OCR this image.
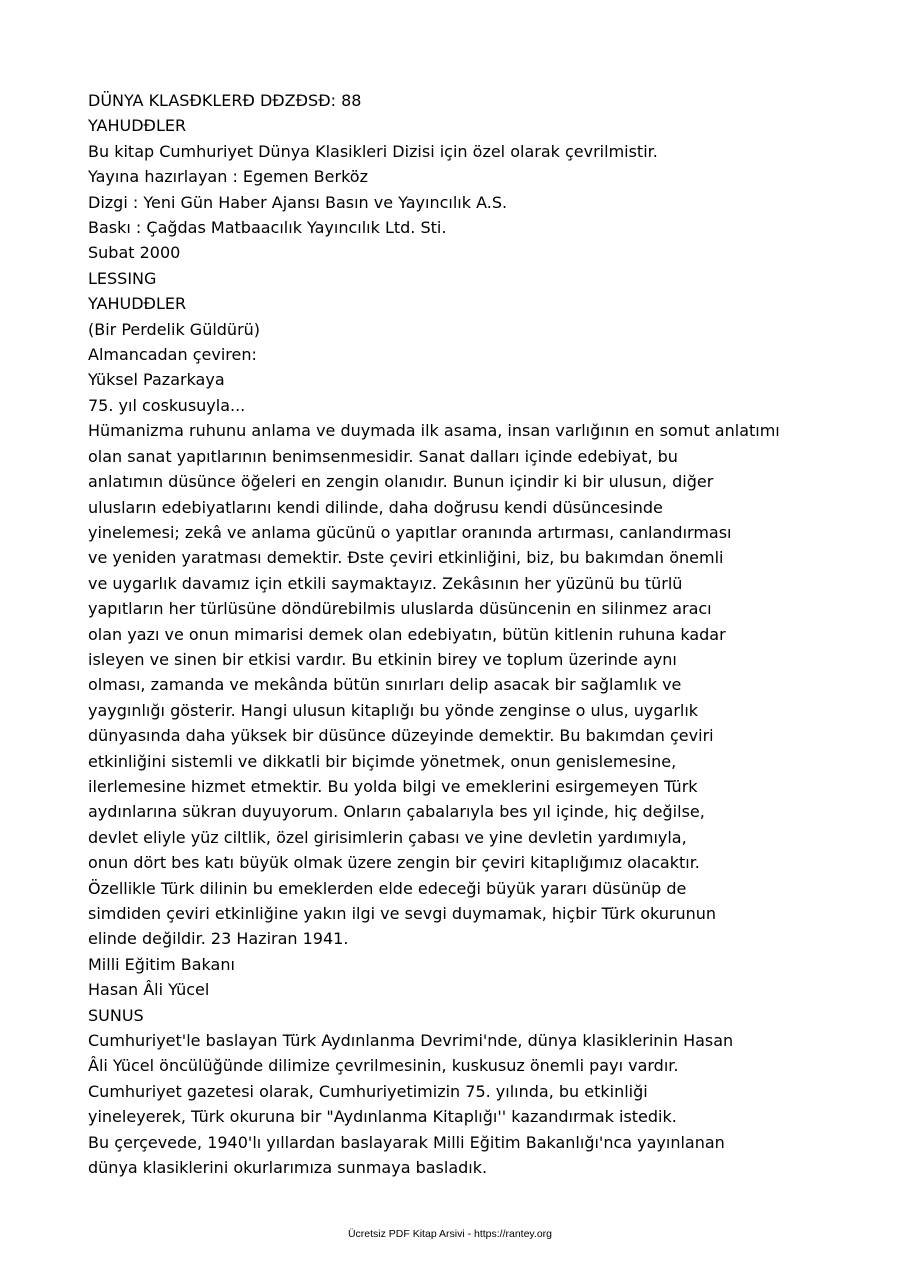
DÜNYA KLASÐKLERÐ DÐZÐSÐ: 88

YAHUDÐLER

Bu kitap Cumhuriyet Dünya Klasikleri Dizisi için özel olarak çevrilmistir.

Yayına hazırlayan : Egemen Berköz

Dizgi : Yeni Gün Haber Ajansı Basın ve Yayıncılık A.S.

Baskı : Çağdas Matbaacılık Yayıncılık Ltd. Sti.

Subat 2000

LESSING

YAHUDÐLER

(Bir Perdelik Güldürü)

Almancadan çeviren:

Yüksel Pazarkaya

75. yıl coskusuyla...

Hümanizma ruhunu anlama ve duymada ilk asama, insan varlığının en somut anlatımı

olan sanat yapıtlarının benimsenmesidir. Sanat dalları içinde edebiyat, bu

anlatımın düsünce öğeleri en zengin olanıdır. Bunun içindir ki bir ulusun, diğer

ulusların edebiyatlarını kendi dilinde, daha doğrusu kendi düsüncesinde

yinelemesi; zekâ ve anlama gücünü o yapıtlar oranında artırması, canlandırması

ve yeniden yaratması demektir. Ðste çeviri etkinliğini, biz, bu bakımdan önemli

ve uygarlık davamız için etkili saymaktayız. Zekâsının her yüzünü bu türlü

yapıtların her türlüsüne döndürebilmis uluslarda düsüncenin en silinmez aracı

olan yazı ve onun mimarisi demek olan edebiyatın, bütün kitlenin ruhuna kadar

isleyen ve sinen bir etkisi vardır. Bu etkinin birey ve toplum üzerinde aynı

olması, zamanda ve mekânda bütün sınırları delip asacak bir sağlamlık ve

yaygınlığı gösterir. Hangi ulusun kitaplığı bu yönde zenginse o ulus, uygarlık

dünyasında daha yüksek bir düsünce düzeyinde demektir. Bu bakımdan çeviri

etkinliğini sistemli ve dikkatli bir biçimde yönetmek, onun genislemesine,

ilerlemesine hizmet etmektir. Bu yolda bilgi ve emeklerini esirgemeyen Türk

aydınlarına sükran duyuyorum. Onların çabalarıyla bes yıl içinde, hiç değilse,

devlet eliyle yüz ciltlik, özel girisimlerin çabası ve yine devletin yardımıyla,

onun dört bes katı büyük olmak üzere zengin bir çeviri kitaplığımız olacaktır.

Özellikle Türk dilinin bu emeklerden elde edeceği büyük yararı düsünüp de

simdiden çeviri etkinliğine yakın ilgi ve sevgi duymamak, hiçbir Türk okurunun

elinde değildir. 23 Haziran 1941.

Milli Eğitim Bakanı

Hasan Âli Yücel

SUNUS

Cumhuriyet'le baslayan Türk Aydınlanma Devrimi'nde, dünya klasiklerinin Hasan

Âli Yücel öncülüğünde dilimize çevrilmesinin, kuskusuz önemli payı vardır.

Cumhuriyet gazetesi olarak, Cumhuriyetimizin 75. yılında, bu etkinliği

yineleyerek, Türk okuruna bir "Aydınlanma Kitaplığı'' kazandırmak istedik.

Bu çerçevede, 1940'lı yıllardan baslayarak Milli Eğitim Bakanlığı'nca yayınlanan

dünya klasiklerini okurlarımıza sunmaya basladık.

Ücretsiz PDF Kitap Arsivi - https://rantey.org
